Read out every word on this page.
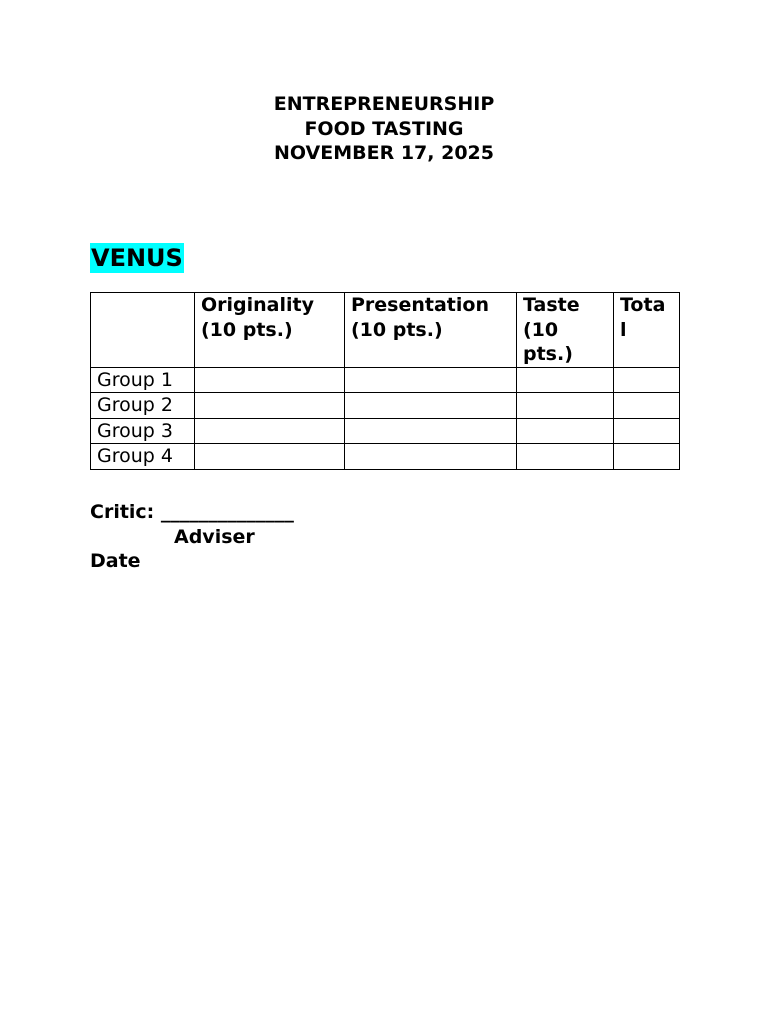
ENTREPRENEURSHIP
FOOD TASTING
NOVEMBER 17, 2025
VENUS
	Originality (10 pts.)	Presentation (10 pts.)	Taste (10 pts.)	Tota
l

Group 1				
Group 2				
Group 3				
Group 4				
Critic: ______________
Adviser
Date
